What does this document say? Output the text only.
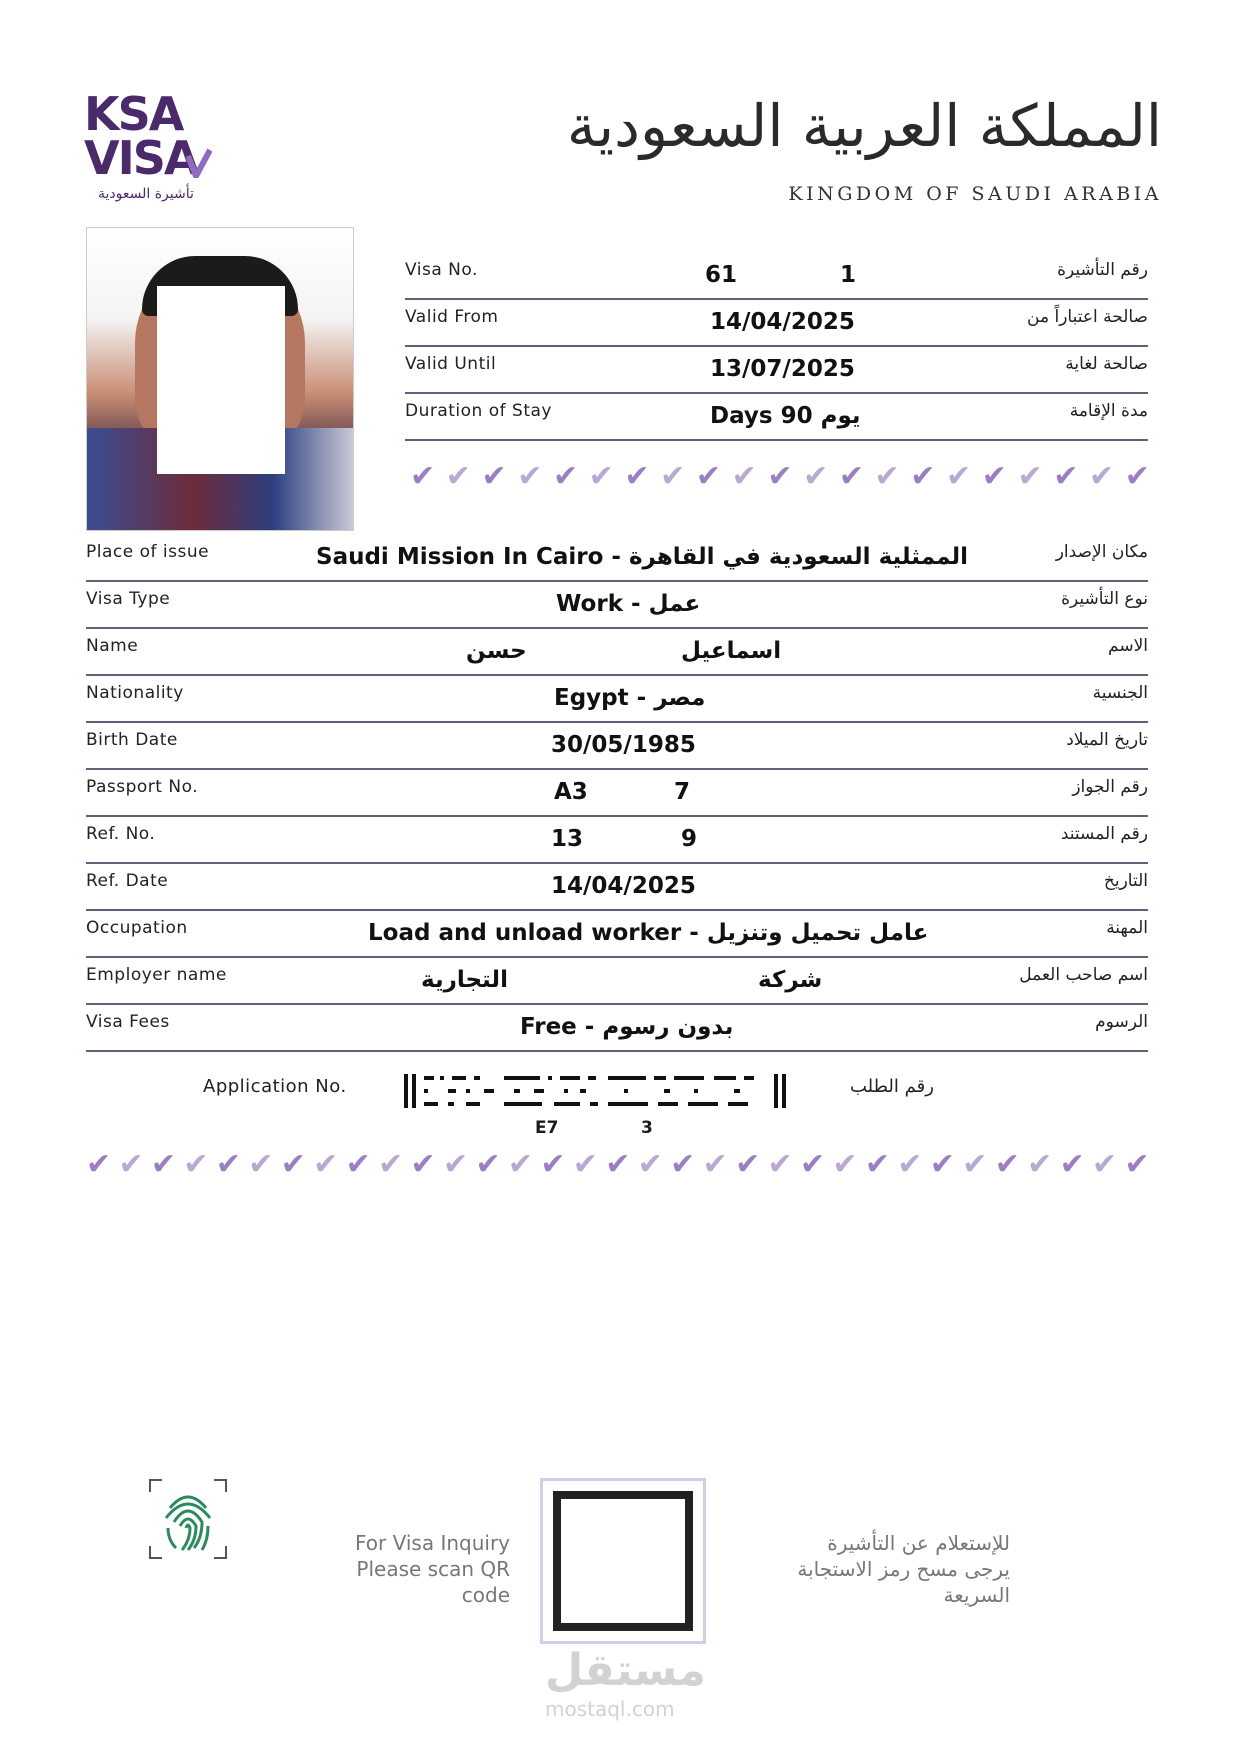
KSA
VISA
تأشيرة السعودية
المملكة العربية السعودية
KINGDOM OF SAUDI ARABIA
Visa No.	61	1	رقم التأشيرة
Valid From	14/04/2025	صالحة اعتباراً من
Valid Until	13/07/2025	صالحة لغاية
Duration of Stay	Days 90 يوم	مدة الإقامة
✔ ✔ ✔ ✔ ✔ ✔ ✔ ✔ ✔ ✔ ✔ ✔ ✔ ✔ ✔ ✔ ✔ ✔ ✔ ✔ ✔
Place of issue	Saudi Mission In Cairo - الممثلية السعودية في القاهرة	مكان الإصدار
Visa Type	Work - عمل	نوع التأشيرة
Name	حسن	اسماعيل	الاسم
Nationality	Egypt - مصر	الجنسية
Birth Date	30/05/1985	تاريخ الميلاد
Passport No.	A3	7	رقم الجواز
Ref. No.	13	9	رقم المستند
Ref. Date	14/04/2025	التاريخ
Occupation	Load and unload worker - عامل تحميل وتنزيل	المهنة
Employer name	التجارية	شركة	اسم صاحب العمل
Visa Fees	Free - بدون رسوم	الرسوم
Application No.	رقم الطلب
E7	3
✔ ✔ ✔ ✔ ✔ ✔ ✔ ✔ ✔ ✔ ✔ ✔ ✔ ✔ ✔ ✔ ✔ ✔ ✔ ✔ ✔ ✔ ✔ ✔ ✔ ✔ ✔ ✔ ✔ ✔ ✔ ✔ ✔
For Visa Inquiry
Please scan QR code
للإستعلام عن التأشيرة
يرجى مسح رمز الاستجابة السريعة
مستقل
mostaql.com
